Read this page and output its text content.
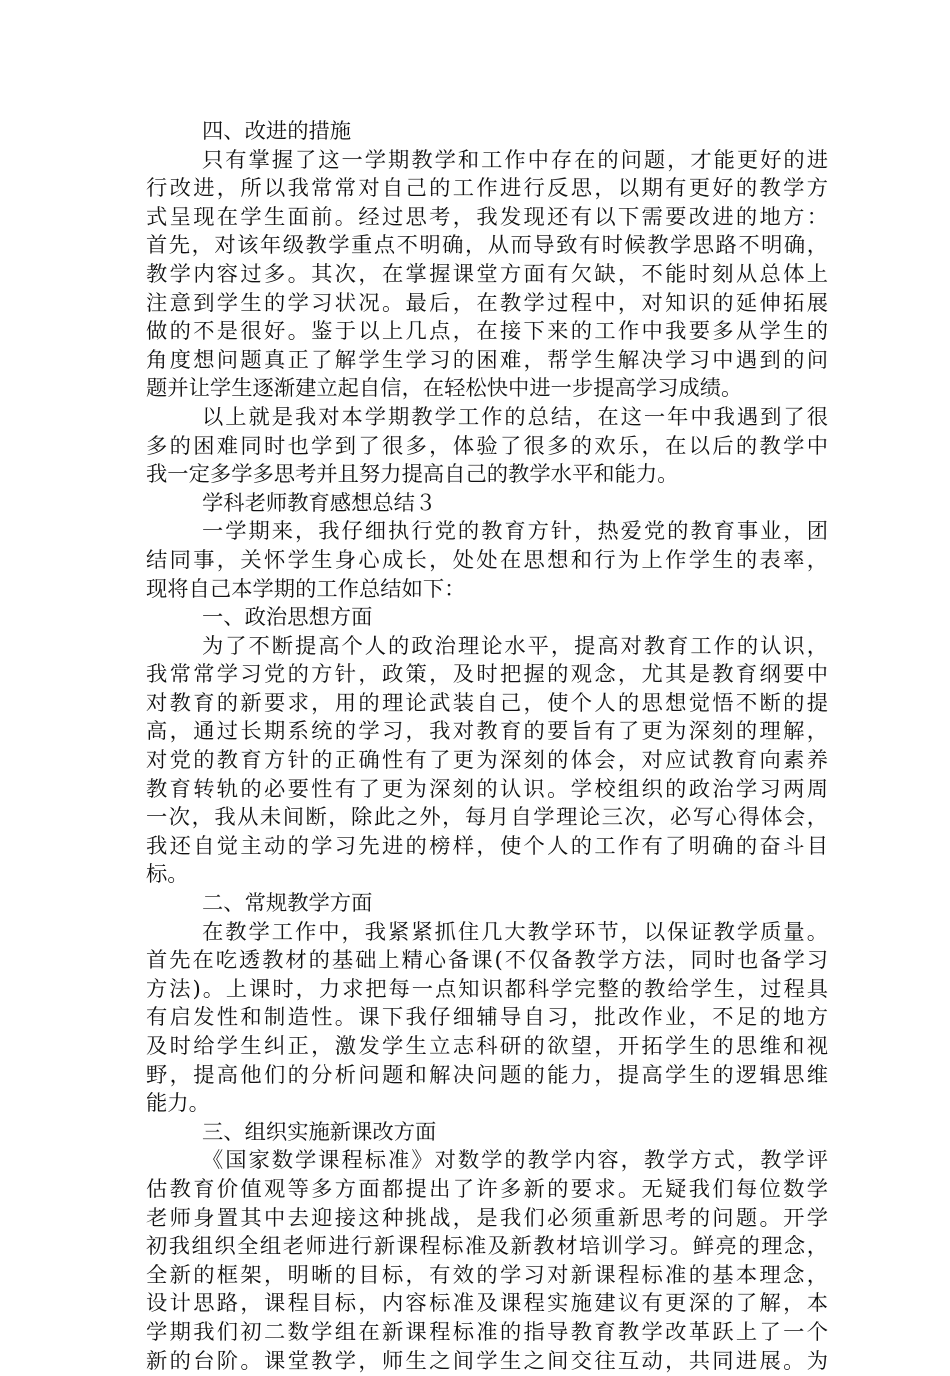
四、改进的措施
只有掌握了这一学期教学和工作中存在的问题，才能更好的进
行改进，所以我常常对自己的工作进行反思，以期有更好的教学方
式呈现在学生面前。经过思考，我发现还有以下需要改进的地方：
首先，对该年级教学重点不明确，从而导致有时候教学思路不明确，
教学内容过多。其次，在掌握课堂方面有欠缺，不能时刻从总体上
注意到学生的学习状况。最后，在教学过程中，对知识的延伸拓展
做的不是很好。鉴于以上几点，在接下来的工作中我要多从学生的
角度想问题真正了解学生学习的困难，帮学生解决学习中遇到的问
题并让学生逐渐建立起自信，在轻松快中进一步提高学习成绩。
以上就是我对本学期教学工作的总结，在这一年中我遇到了很
多的困难同时也学到了很多，体验了很多的欢乐，在以后的教学中
我一定多学多思考并且努力提高自己的教学水平和能力。
学科老师教育感想总结３
一学期来，我仔细执行党的教育方针，热爱党的教育事业，团
结同事，关怀学生身心成长，处处在思想和行为上作学生的表率，
现将自己本学期的工作总结如下：
一、政治思想方面
为了不断提高个人的政治理论水平，提高对教育工作的认识，
我常常学习党的方针，政策，及时把握的观念，尤其是教育纲要中
对教育的新要求，用的理论武装自己，使个人的思想觉悟不断的提
高，通过长期系统的学习，我对教育的要旨有了更为深刻的理解，
对党的教育方针的正确性有了更为深刻的体会，对应试教育向素养
教育转轨的必要性有了更为深刻的认识。学校组织的政治学习两周
一次，我从未间断，除此之外，每月自学理论三次，必写心得体会，
我还自觉主动的学习先进的榜样，使个人的工作有了明确的奋斗目
标。
二、常规教学方面
在教学工作中，我紧紧抓住几大教学环节，以保证教学质量。
首先在吃透教材的基础上精心备课(不仅备教学方法，同时也备学习
方法)。上课时，力求把每一点知识都科学完整的教给学生，过程具
有启发性和制造性。课下我仔细辅导自习，批改作业，不足的地方
及时给学生纠正，激发学生立志科研的欲望，开拓学生的思维和视
野，提高他们的分析问题和解决问题的能力，提高学生的逻辑思维
能力。
三、组织实施新课改方面
《国家数学课程标准》对数学的教学内容，教学方式，教学评
估教育价值观等多方面都提出了许多新的要求。无疑我们每位数学
老师身置其中去迎接这种挑战，是我们必须重新思考的问题。开学
初我组织全组老师进行新课程标准及新教材培训学习。鲜亮的理念，
全新的框架，明晰的目标，有效的学习对新课程标准的基本理念，
设计思路，课程目标，内容标准及课程实施建议有更深的了解，本
学期我们初二数学组在新课程标准的指导教育教学改革跃上了一个
新的台阶。课堂教学，师生之间学生之间交往互动，共同进展。为
